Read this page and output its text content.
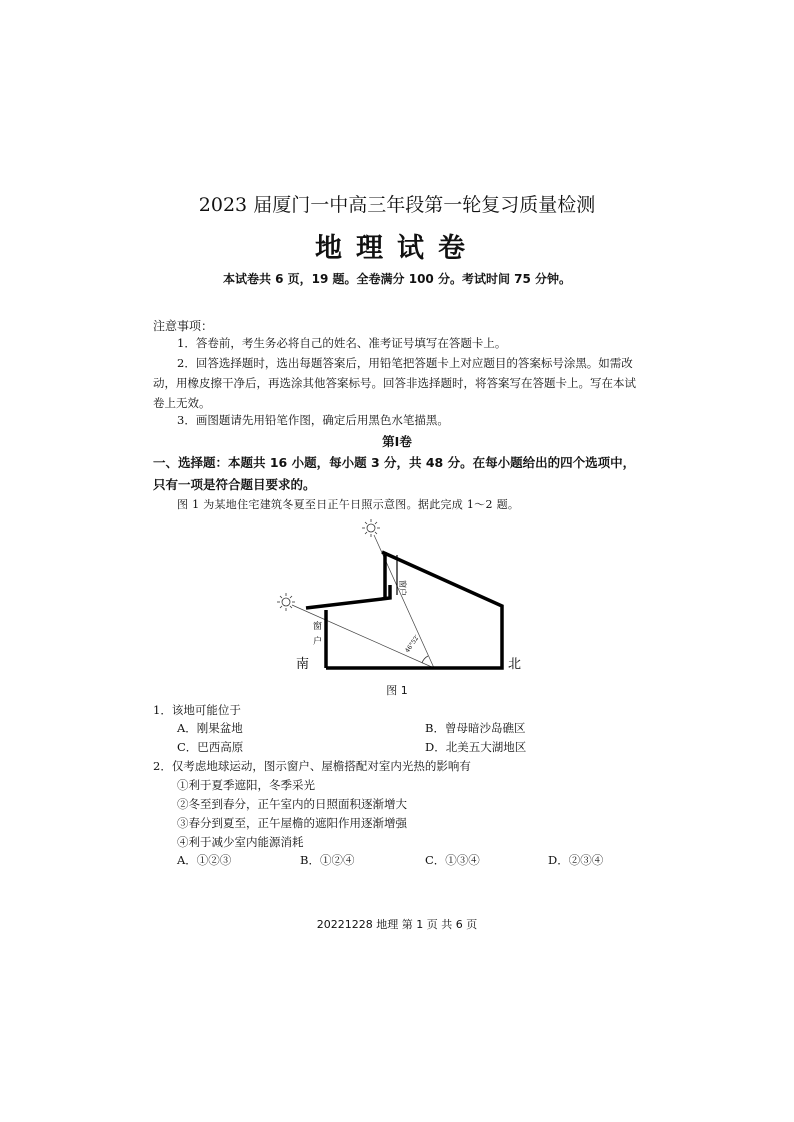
2023 届厦门一中高三年段第一轮复习质量检测
地理试卷
本试卷共 6 页，19 题。全卷满分 100 分。考试时间 75 分钟。
注意事项：
1．答卷前，考生务必将自己的姓名、准考证号填写在答题卡上。
2．回答选择题时，选出每题答案后，用铅笔把答题卡上对应题目的答案标号涂黑。如需改动，用橡皮擦干净后，再选涂其他答案标号。回答非选择题时，将答案写在答题卡上。写在本试卷上无效。
3．画图题请先用铅笔作图，确定后用黑色水笔描黑。
第Ⅰ卷
一、选择题：本题共 16 小题，每小题 3 分，共 48 分。在每小题给出的四个选项中，只有一项是符合题目要求的。
图 1 为某地住宅建筑冬夏至日正午日照示意图。据此完成 1～2 题。
窗户
窗
户	46°52′
南	北
图 1
1．该地可能位于
A．刚果盆地	B．曾母暗沙岛礁区
C．巴西高原	D．北美五大湖地区
2．仅考虑地球运动，图示窗户、屋檐搭配对室内光热的影响有
①利于夏季遮阳，冬季采光
②冬至到春分，正午室内的日照面积逐渐增大
③春分到夏至，正午屋檐的遮阳作用逐渐增强
④利于减少室内能源消耗
A．①②③	B．①②④	C．①③④	D．②③④
20221228 地理 第 1 页 共 6 页
